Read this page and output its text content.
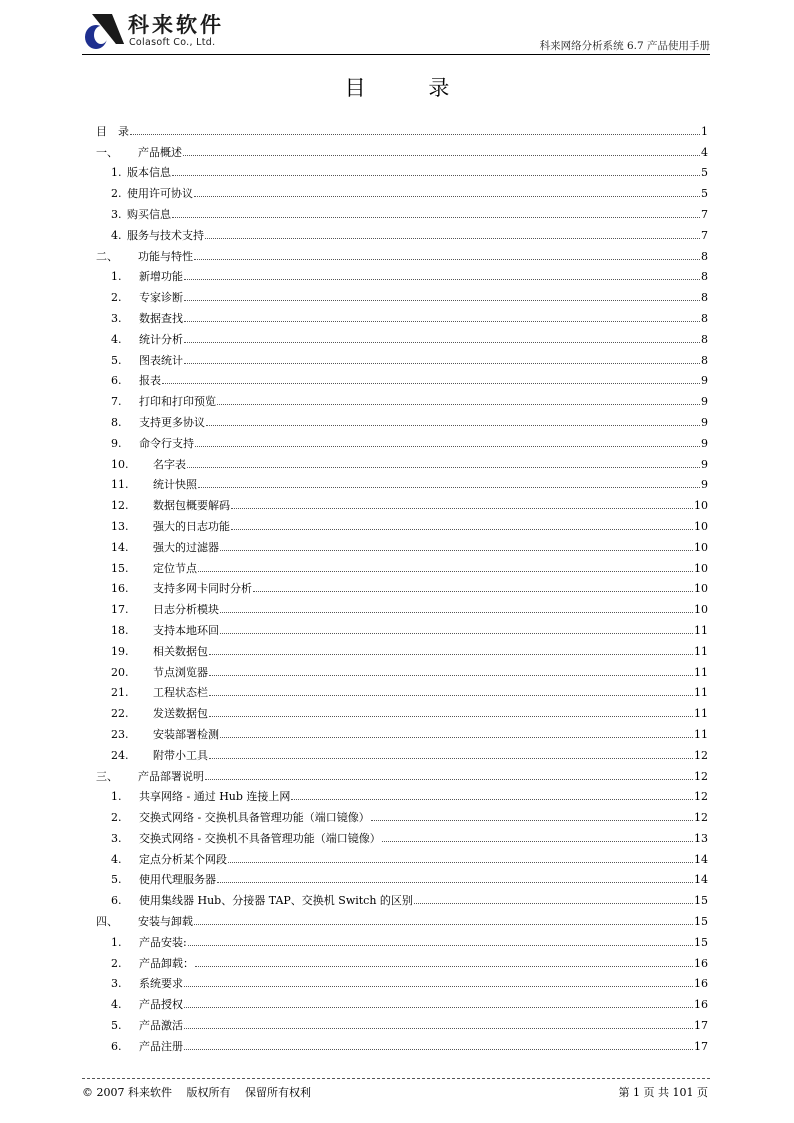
科来软件
Colasoft Co., Ltd.	科来网络分析系统 6.7 产品使用手册
目 录
目　录	1
一、	产品概述	4
1. 版本信息	5
2. 使用许可协议	5
3. 购买信息	7
4. 服务与技术支持	7
二、	功能与特性	8
1.	新增功能	8
2.	专家诊断	8
3.	数据查找	8
4.	统计分析	8
5.	图表统计	8
6.	报表	9
7.	打印和打印预览	9
8.	支持更多协议	9
9.	命令行支持	9
10.	名字表	9
11.	统计快照	9
12.	数据包概要解码	10
13.	强大的日志功能	10
14.	强大的过滤器	10
15.	定位节点	10
16.	支持多网卡同时分析	10
17.	日志分析模块	10
18.	支持本地环回	11
19.	相关数据包	11
20.	节点浏览器	11
21.	工程状态栏	11
22.	发送数据包	11
23.	安装部署检测	11
24.	附带小工具	12
三、	产品部署说明	12
1.	共享网络 - 通过 Hub 连接上网	12
2.	交换式网络 - 交换机具备管理功能（端口镜像）	12
3.	交换式网络 - 交换机不具备管理功能（端口镜像）	13
4.	定点分析某个网段	14
5.	使用代理服务器	14
6.	使用集线器 Hub、分接器 TAP、交换机 Switch 的区别	15
四、	安装与卸载	15
1.	产品安装:	15
2.	产品卸载：	16
3.	系统要求	16
4.	产品授权	16
5.	产品激活	17
6.	产品注册	17
© 2007 科来软件 版权所有 保留所有权利	第 1 页 共 101 页
